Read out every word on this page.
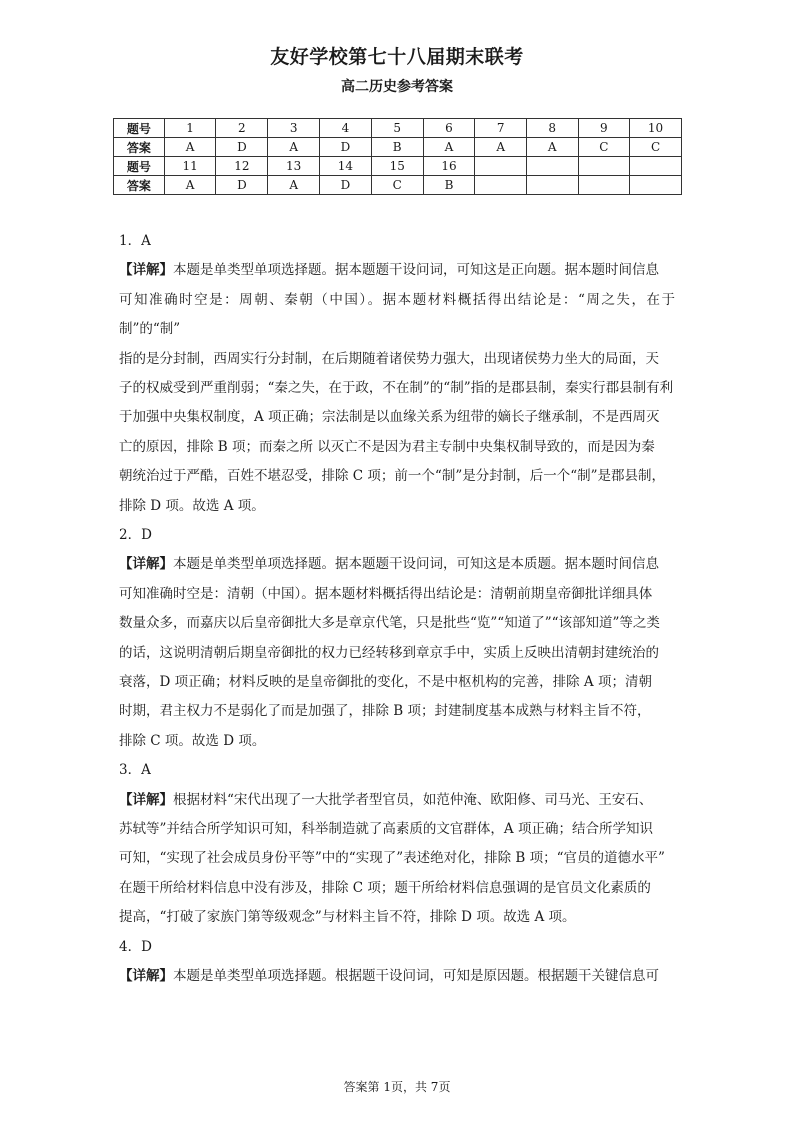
友好学校第七十八届期末联考
高二历史参考答案
题号	1	2	3	4	5	6	7	8	9	10
答案	A	D	A	D	B	A	A	A	C	C
题号	11	12	13	14	15	16				
答案	A	D	A	D	C	B				
1．A
【详解】本题是单类型单项选择题。据本题题干设问词，可知这是正向题。据本题时间信息
可知准确时空是：周朝、秦朝（中国）。据本题材料概括得出结论是：“周之失，在于制”的“制”
指的是分封制，西周实行分封制，在后期随着诸侯势力强大，出现诸侯势力坐大的局面，天
子的权威受到严重削弱；“秦之失，在于政，不在制”的“制”指的是郡县制，秦实行郡县制有利
于加强中央集权制度，A 项正确；宗法制是以血缘关系为纽带的嫡长子继承制，不是西周灭
亡的原因，排除 B 项；而秦之所 以灭亡不是因为君主专制中央集权制导致的，而是因为秦
朝统治过于严酷，百姓不堪忍受，排除 C 项；前一个“制”是分封制，后一个“制”是郡县制，
排除 D 项。故选 A 项。
2．D
【详解】本题是单类型单项选择题。据本题题干设问词，可知这是本质题。据本题时间信息
可知准确时空是：清朝（中国）。据本题材料概括得出结论是：清朝前期皇帝御批详细具体
数量众多，而嘉庆以后皇帝御批大多是章京代笔，只是批些“览”“知道了”“该部知道”等之类
的话，这说明清朝后期皇帝御批的权力已经转移到章京手中，实质上反映出清朝封建统治的
衰落，D 项正确；材料反映的是皇帝御批的变化，不是中枢机构的完善，排除 A 项；清朝
时期，君主权力不是弱化了而是加强了，排除 B 项；封建制度基本成熟与材料主旨不符，
排除 C 项。故选 D 项。
3．A
【详解】根据材料“宋代出现了一大批学者型官员，如范仲淹、欧阳修、司马光、王安石、
苏轼等”并结合所学知识可知，科举制造就了高素质的文官群体，A 项正确；结合所学知识
可知，“实现了社会成员身份平等”中的“实现了”表述绝对化，排除 B 项；“官员的道德水平”
在题干所给材料信息中没有涉及，排除 C 项；题干所给材料信息强调的是官员文化素质的
提高，“打破了家族门第等级观念”与材料主旨不符，排除 D 项。故选 A 项。
4．D
【详解】本题是单类型单项选择题。根据题干设问词，可知是原因题。根据题干关键信息可
答案第 1页，共 7页
